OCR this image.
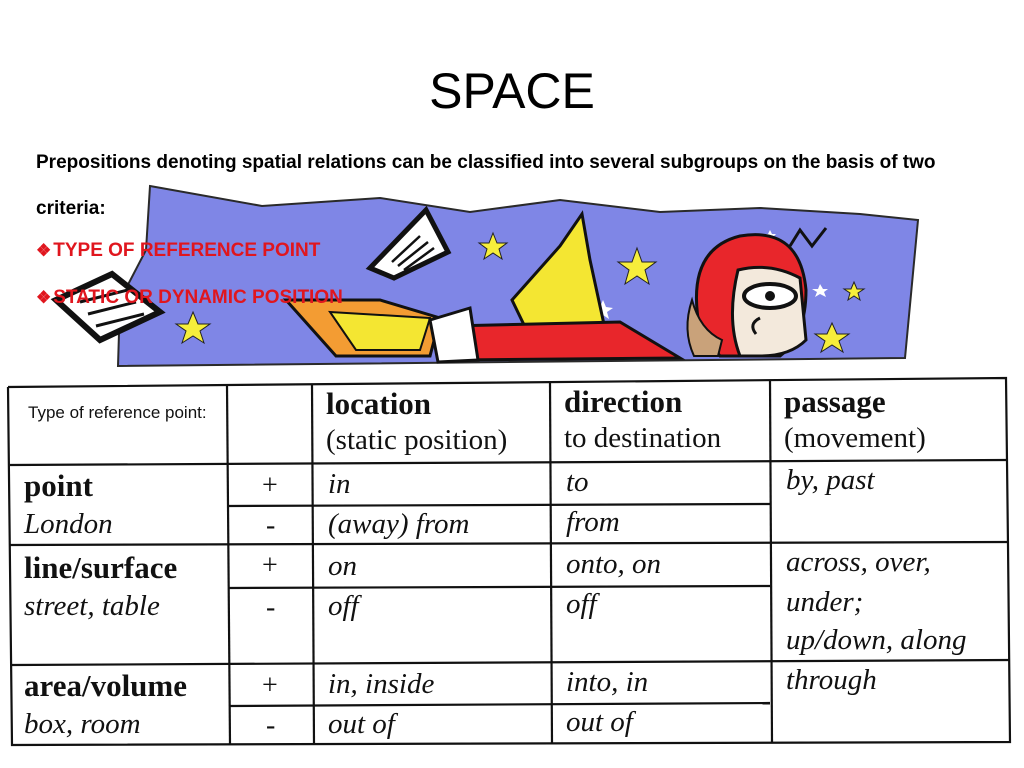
SPACE
Prepositions denoting spatial relations can be classified into several subgroups on the basis of two criteria:
❖ TYPE OF REFERENCE POINT
❖ STATIC OR DYNAMIC POSITION
Type of reference point:	location
(static position)
direction
to destination
passage
(movement)
point
London
+
-
in
(away) from
to
from
by, past
line/surface
street, table
+
-
on
off
onto, on
off
across, over,
under;
up/down, along
area/volume
box, room
+
-
in, inside
out of
into, in
out of
through
